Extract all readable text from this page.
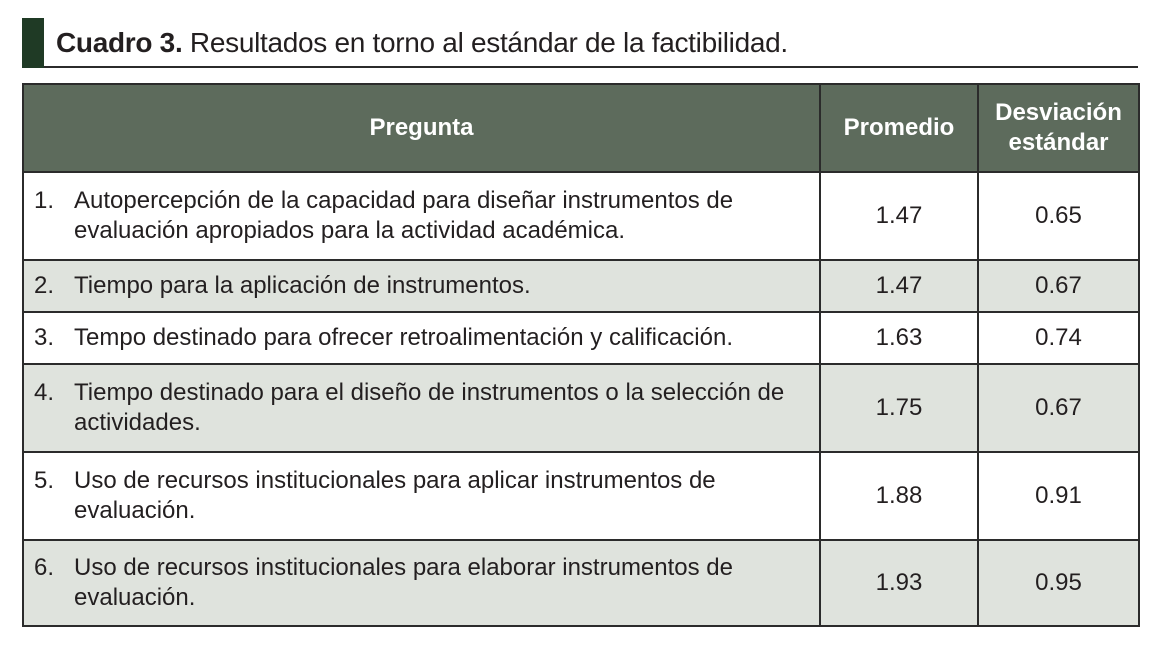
Cuadro 3. Resultados en torno al estándar de la factibilidad.
Pregunta	Promedio	Desviación
estándar

1. Autopercepción de la capacidad para diseñar instrumentos de evaluación apropiados para la actividad académica.	1.47	0.65

2. Tiempo para la aplicación de instrumentos.	1.47	0.67

3. Tempo destinado para ofrecer retroalimentación y calificación.	1.63	0.74

4. Tiempo destinado para el diseño de instrumentos o la selección de actividades.	1.75	0.67

5. Uso de recursos institucionales para aplicar instrumentos de evaluación.	1.88	0.91

6. Uso de recursos institucionales para elaborar instrumentos de evaluación.	1.93	0.95
